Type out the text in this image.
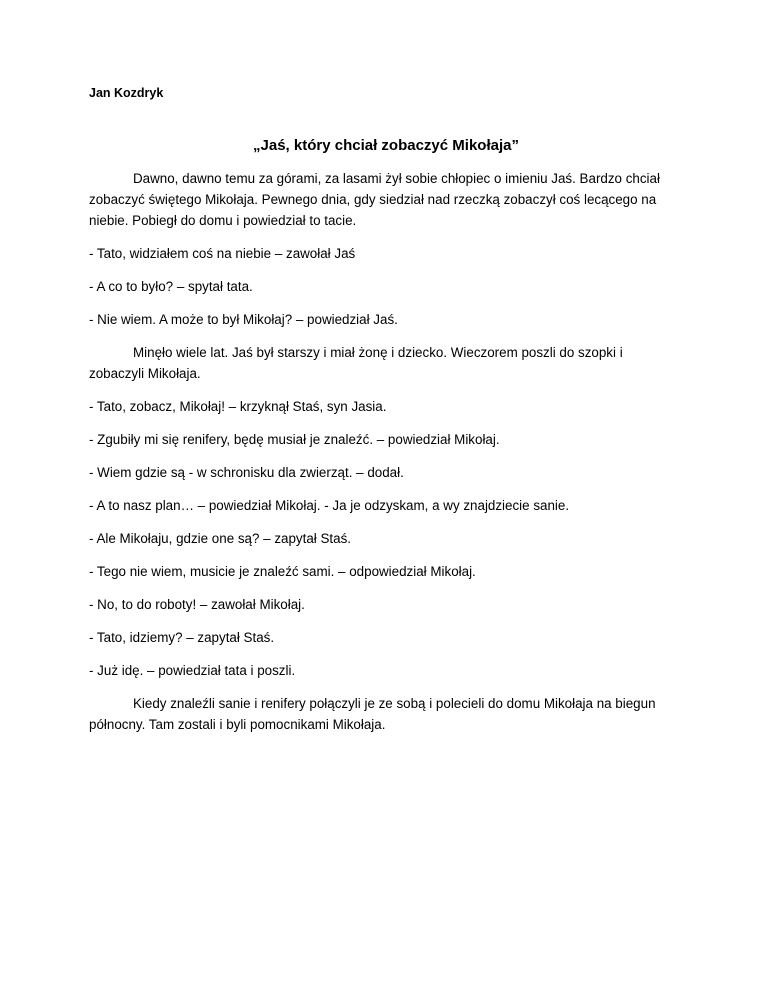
Jan Kozdryk

„Jaś, który chciał zobaczyć Mikołaja”

Dawno, dawno temu za górami, za lasami żył sobie chłopiec o imieniu Jaś. Bardzo chciał zobaczyć świętego Mikołaja. Pewnego dnia, gdy siedział nad rzeczką zobaczył coś lecącego na niebie. Pobiegł do domu i powiedział to tacie.

- Tato, widziałem coś na niebie – zawołał Jaś

- A co to było? – spytał tata.

- Nie wiem. A może to był Mikołaj? – powiedział Jaś.

Minęło wiele lat. Jaś był starszy i miał żonę i dziecko. Wieczorem poszli do szopki i zobaczyli Mikołaja.

- Tato, zobacz, Mikołaj! – krzyknął Staś, syn Jasia.

- Zgubiły mi się renifery, będę musiał je znaleźć. – powiedział Mikołaj.

- Wiem gdzie są - w schronisku dla zwierząt. – dodał.

- A to nasz plan… – powiedział Mikołaj. - Ja je odzyskam, a wy znajdziecie sanie.

- Ale Mikołaju, gdzie one są? – zapytał Staś.

- Tego nie wiem, musicie je znaleźć sami. – odpowiedział Mikołaj.

- No, to do roboty! – zawołał Mikołaj.

- Tato, idziemy? – zapytał Staś.

- Już idę. – powiedział tata i poszli.

Kiedy znaleźli sanie i renifery połączyli je ze sobą i polecieli do domu Mikołaja na biegun północny. Tam zostali i byli pomocnikami Mikołaja.
